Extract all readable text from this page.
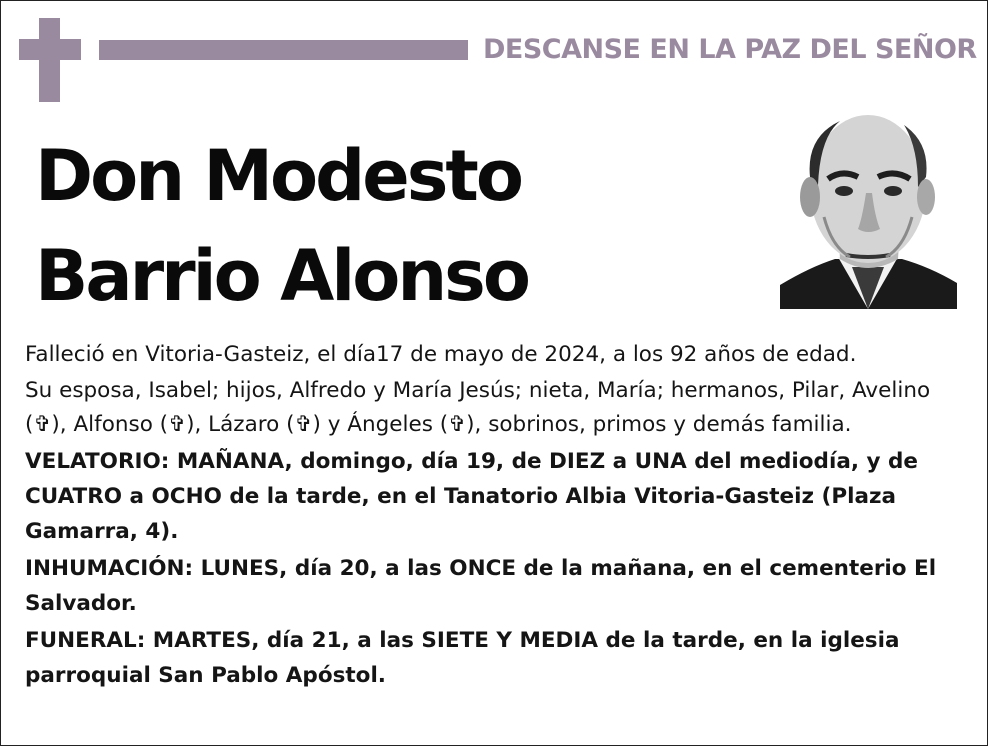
DESCANSE EN LA PAZ DEL SEÑOR
Don Modesto
Barrio Alonso

Falleció en Vitoria-Gasteiz, el día17 de mayo de 2024, a los 92 años de edad.

Su esposa, Isabel; hijos, Alfredo y María Jesús; nieta, María; hermanos, Pilar, Avelino (✞), Alfonso (✞), Lázaro (✞) y Ángeles (✞), sobrinos, primos y demás familia.

VELATORIO: MAÑANA, domingo, día 19, de DIEZ a UNA del mediodía, y de CUATRO a OCHO de la tarde, en el Tanatorio Albia Vitoria-Gasteiz (Plaza Gamarra, 4).

INHUMACIÓN: LUNES, día 20, a las ONCE de la mañana, en el cementerio El Salvador.

FUNERAL: MARTES, día 21, a las SIETE Y MEDIA de la tarde, en la iglesia parroquial San Pablo Apóstol.
